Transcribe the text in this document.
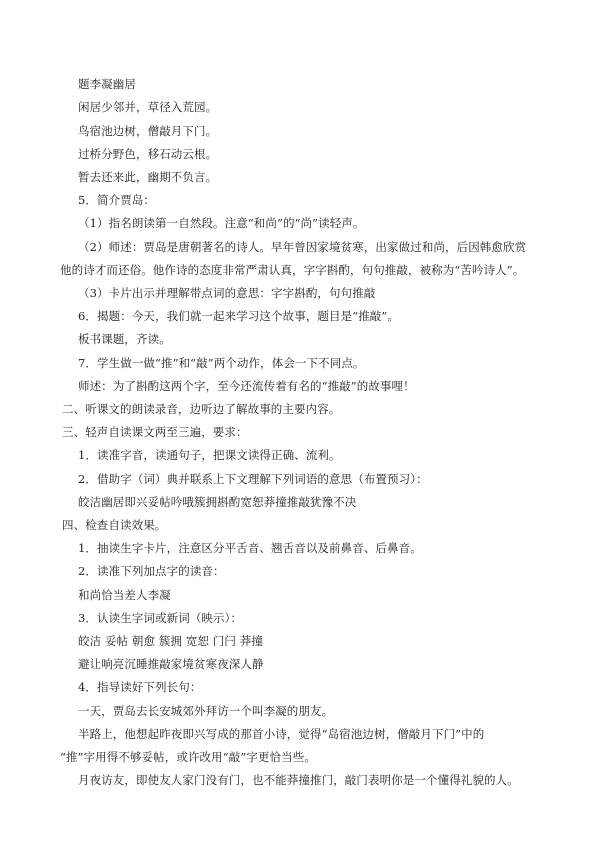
题李凝幽居
闲居少邻并，草径入荒园。
鸟宿池边树，僧敲月下门。
过桥分野色，移石动云根。
暂去还来此，幽期不负言。
5．简介贾岛：
（1）指名朗读第一自然段。注意“和尚”的“尚”读轻声。
（2）师述：贾岛是唐朝著名的诗人。早年曾因家境贫寒，出家做过和尚，后因韩愈欣赏
他的诗才而还俗。他作诗的态度非常严肃认真，字字斟酌，句句推敲，被称为“苦吟诗人”。
（3）卡片出示并理解带点词的意思：字字斟酌，句句推敲
6．揭题：今天，我们就一起来学习这个故事，题目是“推敲”。
板书课题，齐读。
7．学生做一做“推”和“敲”两个动作，体会一下不同点。
师述：为了斟酌这两个字，至今还流传着有名的“推敲”的故事哩！
二、听课文的朗读录音，边听边了解故事的主要内容。
三、轻声自读课文两至三遍，要求：
1．读准字音，读通句子，把课文读得正确、流利。
2．借助字（词）典并联系上下文理解下列词语的意思（布置预习）：
皎洁幽居即兴妥帖吟哦簇拥斟酌宽恕莽撞推敲犹豫不决
四、检查自读效果。
1．抽读生字卡片，注意区分平舌音、翘舌音以及前鼻音、后鼻音。
2．读准下列加点字的读音：
和尚恰当差人李凝
3．认读生字词或新词（映示）：
皎洁 妥帖 朝愈 簇拥 宽恕 门闩 莽撞
避让响亮沉睡推敲家境贫寒夜深人静
4．指导读好下列长句：
一天，贾岛去长安城郊外拜访一个叫李凝的朋友。
半路上，他想起昨夜即兴写成的那首小诗，觉得“岛宿池边树，僧敲月下门”中的
“推”字用得不够妥帖，或许改用“敲”字更恰当些。
月夜访友，即使友人家门没有门，也不能莽撞推门，敲门表明你是一个懂得礼貌的人。
